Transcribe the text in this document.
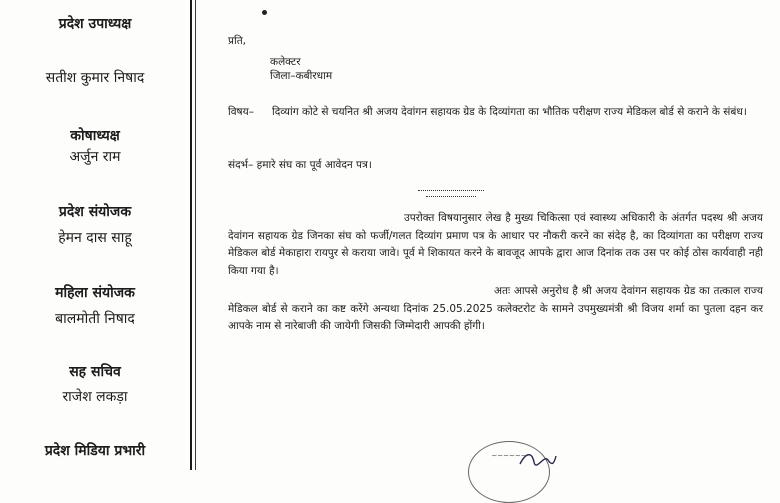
प्रदेश उपाध्यक्ष
सतीश कुमार निषाद
कोषाध्यक्ष
अर्जुन राम
प्रदेश संयोजक
हेमन दास साहू
महिला संयोजक
बालमोती निषाद
सह सचिव
राजेश लकड़ा
प्रदेश मिडिया प्रभारी
प्रति,
कलेक्टर
जिला–कबीरधाम
विषय– दिव्यांग कोटे से चयनित श्री अजय देवांगन सहायक ग्रेड के दिव्यांगता का भौतिक परीक्षण राज्य मेडिकल बोर्ड से कराने के संबंध।
संदर्भ– हमारे संघ का पूर्व आवेदन पत्र।

उपरोक्त विषयानुसार लेख है मुख्य चिकित्सा एवं स्वास्थ्य अधिकारी के अंतर्गत पदस्थ श्री अजय देवांगन सहायक ग्रेड जिनका संघ को फर्जी/गलत दिव्यांग प्रमाण पत्र के आधार पर नौकरी करने का संदेह है, का दिव्यांगता का परीक्षण राज्य मेडिकल बोर्ड मेकाहारा रायपुर से कराया जावे। पूर्व मे शिकायत करने के बावजूद आपके द्वारा आज दिनांक तक उस पर कोई ठोस कार्यवाही नही किया गया है।

अतः आपसे अनुरोध है श्री अजय देवांगन सहायक ग्रेड का तत्काल राज्य मेडिकल बोर्ड से कराने का कष्ट करेंगे अन्यथा दिनांक 25.05.2025 कलेक्टरोट के सामने उपमुख्यमंत्री श्री विजय शर्मा का पुतला दहन कर आपके नाम से नारेबाजी की जायेगी जिसकी जिम्मेदारी आपकी होंगी।

~~~~~~
